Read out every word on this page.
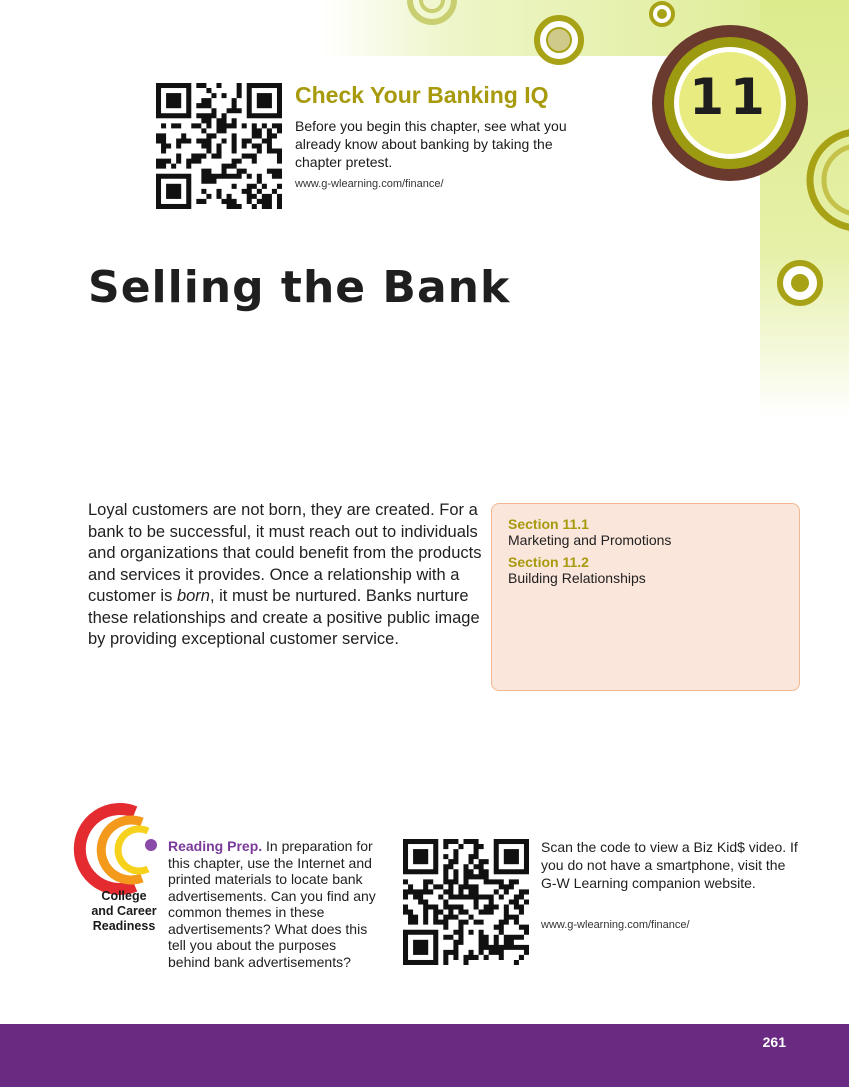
11
Check Your Banking IQ
Before you begin this chapter, see what you already know about banking by taking the chapter pretest.
www.g-wlearning.com/finance/
Selling the Bank
Loyal customers are not born, they are created. For a bank to be successful, it must reach out to individuals and organizations that could benefit from the products and services it provides. Once a relationship with a customer is born, it must be nurtured. Banks nurture these relationships and create a positive public image by providing exceptional customer service.
Section 11.1
Marketing and Promotions
Section 11.2
Building Relationships
College
and Career
Readiness
Reading Prep. In preparation for this chapter, use the Internet and printed materials to locate bank advertisements. Can you find any common themes in these advertisements? What does this tell you about the purposes behind bank advertisements?
Scan the code to view a Biz Kid$ video. If you do not have a smartphone, visit the G-W Learning companion website.
www.g-wlearning.com/finance/
261
